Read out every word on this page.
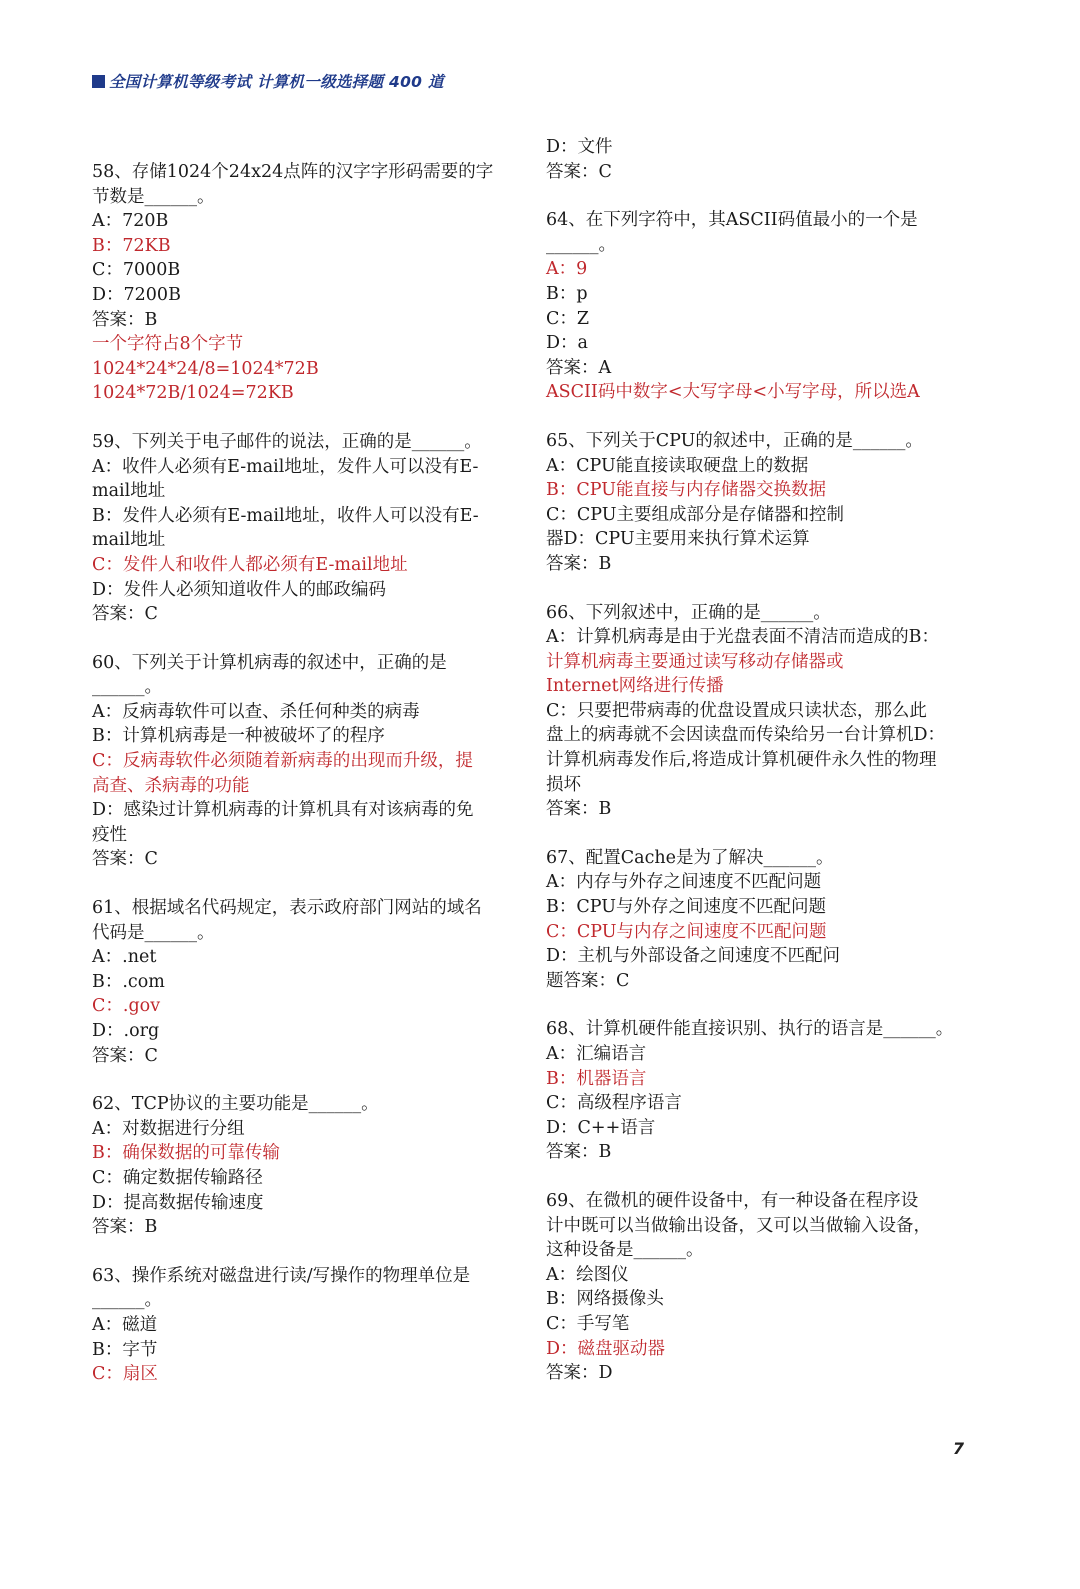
全国计算机等级考试 计算机一级选择题 400 道
58、存储1024个24x24点阵的汉字字形码需要的字
节数是______。
A：720B
B：72KB
C：7000B
D：7200B
答案：B
一个字符占8个字节
1024*24*24/8=1024*72B
1024*72B/1024=72KB
59、下列关于电子邮件的说法，正确的是______。
A：收件人必须有E-mail地址，发件人可以没有E-
mail地址
B：发件人必须有E-mail地址，收件人可以没有E-
mail地址
C：发件人和收件人都必须有E-mail地址
D：发件人必须知道收件人的邮政编码
答案：C
60、下列关于计算机病毒的叙述中，正确的是
______。
A：反病毒软件可以查、杀任何种类的病毒
B：计算机病毒是一种被破坏了的程序
C：反病毒软件必须随着新病毒的出现而升级，提
高查、杀病毒的功能
D：感染过计算机病毒的计算机具有对该病毒的免
疫性
答案：C
61、根据域名代码规定，表示政府部门网站的域名
代码是______。
A：.net
B：.com
C：.gov
D：.org
答案：C
62、TCP协议的主要功能是______。
A：对数据进行分组
B：确保数据的可靠传输
C：确定数据传输路径
D：提高数据传输速度
答案：B
63、操作系统对磁盘进行读/写操作的物理单位是
______。
A：磁道
B：字节
C：扇区
D：文件
答案：C
64、在下列字符中，其ASCII码值最小的一个是
______。
A：9
B：p
C：Z
D：a
答案：A
ASCII码中数字<大写字母<小写字母，所以选A
65、下列关于CPU的叙述中，正确的是______。
A：CPU能直接读取硬盘上的数据
B：CPU能直接与内存储器交换数据
C：CPU主要组成部分是存储器和控制
器D：CPU主要用来执行算术运算
答案：B
66、下列叙述中，正确的是______。
A：计算机病毒是由于光盘表面不清洁而造成的B：
计算机病毒主要通过读写移动存储器或
Internet网络进行传播
C：只要把带病毒的优盘设置成只读状态，那么此
盘上的病毒就不会因读盘而传染给另一台计算机D：
计算机病毒发作后,将造成计算机硬件永久性的物理
损坏
答案：B
67、配置Cache是为了解决______。
A：内存与外存之间速度不匹配问题
B：CPU与外存之间速度不匹配问题
C：CPU与内存之间速度不匹配问题
D：主机与外部设备之间速度不匹配问
题答案：C
68、计算机硬件能直接识别、执行的语言是______。
A：汇编语言
B：机器语言
C：高级程序语言
D：C++语言
答案：B
69、在微机的硬件设备中，有一种设备在程序设
计中既可以当做输出设备，又可以当做输入设备，
这种设备是______。
A：绘图仪
B：网络摄像头
C：手写笔
D：磁盘驱动器
答案：D
7
